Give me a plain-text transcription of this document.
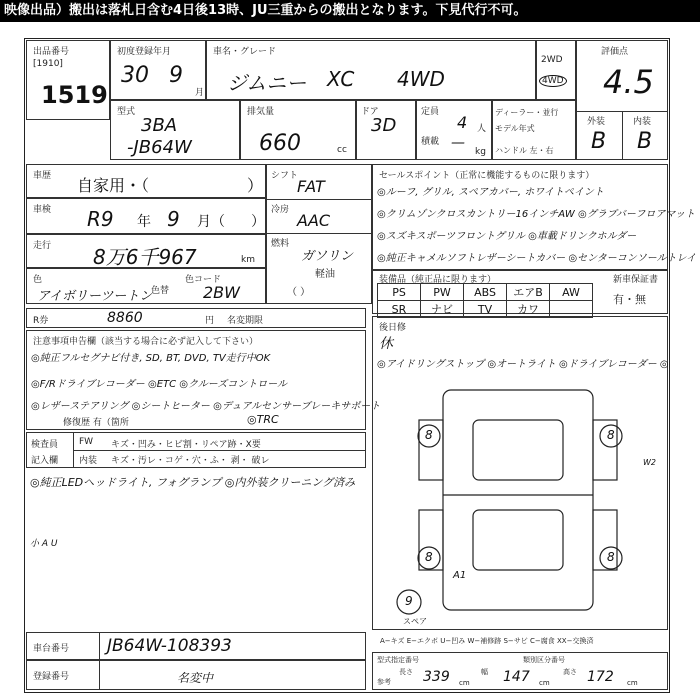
映像出品）搬出は落札日含む4日後13時、JU三重からの搬出となります。下見代行不可。
出品番号
[1910]
1519
初度登録年月
30 9
月
車名・グレード
ジムニー XC 4WD
2WD
4WD
評価点
4.5
外装	内装
B B
型式
3BA
-JB64W
排気量
660	cc
ドア
3D
定員
4 人
積載 —
kg
ディーラー・並行
モデル年式
ハンドル 左・右
車歴 自家用・（	）
車検 R9 年 9 月（ ）
走行 8万6千967	km
色
アイボリーツートン
色替
色コード
2BW
シフト
FAT
冷房
AAC
燃料
ガソリン
軽油
（ ）
セールスポイント（正常に機能するものに限ります）
◎ルーフ, グリル, スペアカバー, ホワイトペイント
◎クリムゾンクロスカントリー16インチAW ◎グラブバーフロアマット
◎スズキスポーツフロントグリル ◎車載ドリンクホルダー
◎純正キャメルソフトレザーシートカバー ◎センターコンソールトレイ
装備品（純正品に限ります）	新車保証書
PS	PW	ABS	エアB	AW
SR	ナビ	TV	カワ	
有・無
R券	8860	円 名変期限
注意事項申告欄（該当する場合に必ず記入して下さい）
◎純正フルセグナビ付き, SD, BT, DVD, TV走行中OK
◎F/Rドライブレコーダー ◎ETC ◎クルーズコントロール
◎レザーステアリング ◎シートヒーター ◎デュアルセンサーブレーキサポート
修復歴 有（箇所	◎TRC
後日修
休
◎アイドリングストップ ◎オートライト ◎ドライブレコーダー ◎
検査員
記入欄
FW キズ・凹み・ヒビ割・リペア跡・X要
内装 キズ・汚レ・コゲ・穴・ふ・ 剥・ 破レ
◎純正LEDヘッドライト, フォグランプ ◎内外装クリーニング済み
小 A U
8	8
8	8
9
スペア
A1
W2
A−キズ E−エクボ U−凹み W−補修跡 S−サビ C−腐食 XX−交換済
車台番号 JB64W-108393
登録番号	名変中
型式指定番号	類別区分番号
参考
長さ 339 cm
幅 147 cm
高さ 172 cm
